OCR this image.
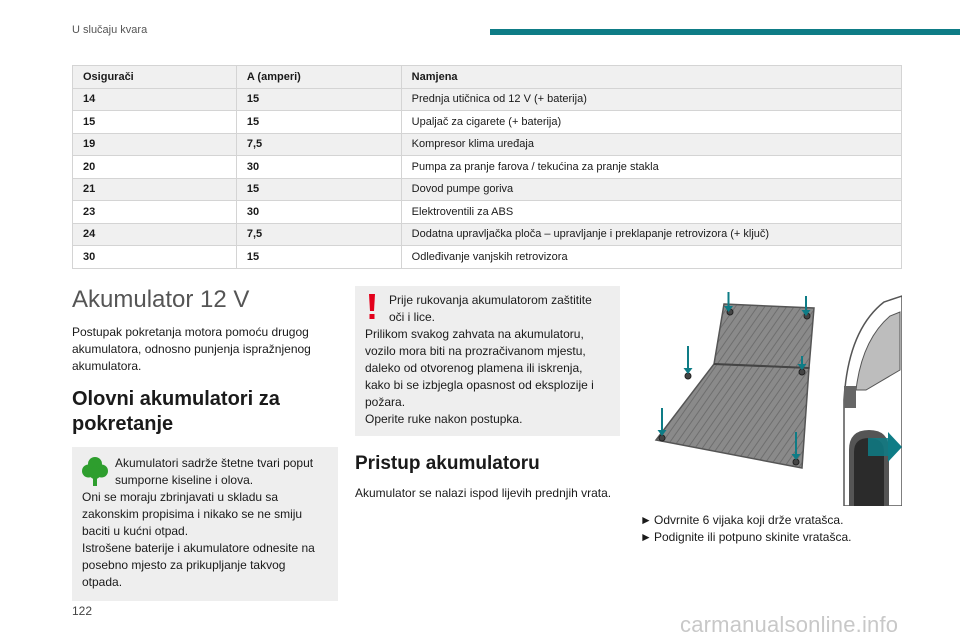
U slučaju kvara
Osigurači	A (amperi)	Namjena
14	15	Prednja utičnica od 12 V (+ baterija)
15	15	Upaljač za cigarete (+ baterija)
19	7,5	Kompresor klima uređaja
20	30	Pumpa za pranje farova / tekućina za pranje stakla
21	15	Dovod pumpe goriva
23	30	Elektroventili za ABS
24	7,5	Dodatna upravljačka ploča – upravljanje i preklapanje retrovizora (+ ključ)
30	15	Odleđivanje vanjskih retrovizora
Akumulator 12 V

Postupak pokretanja motora pomoću drugog akumulatora, odnosno punjenja ispražnjenog akumulatora.

Olovni akumulatori za pokretanje
Akumulatori sadrže štetne tvari poput sumporne kiseline i olova.

Oni se moraju zbrinjavati u skladu sa zakonskim propisima i nikako se ne smiju baciti u kućni otpad.

Istrošene baterije i akumulatore odnesite na posebno mjesto za prikupljanje takvog otpada.

Prije rukovanja akumulatorom zaštitite oči i lice.

Prilikom svakog zahvata na akumulatoru, vozilo mora biti na prozračivanom mjestu, daleko od otvorenog plamena ili iskrenja, kako bi se izbjegla opasnost od eksplozije i požara.

Operite ruke nakon postupka.

Pristup akumulatoru

Akumulator se nalazi ispod lijevih prednjih vrata.

► Odvrnite 6 vijaka koji drže vratašca.
► Podignite ili potpuno skinite vratašca.
122
carmanualsonline.info
